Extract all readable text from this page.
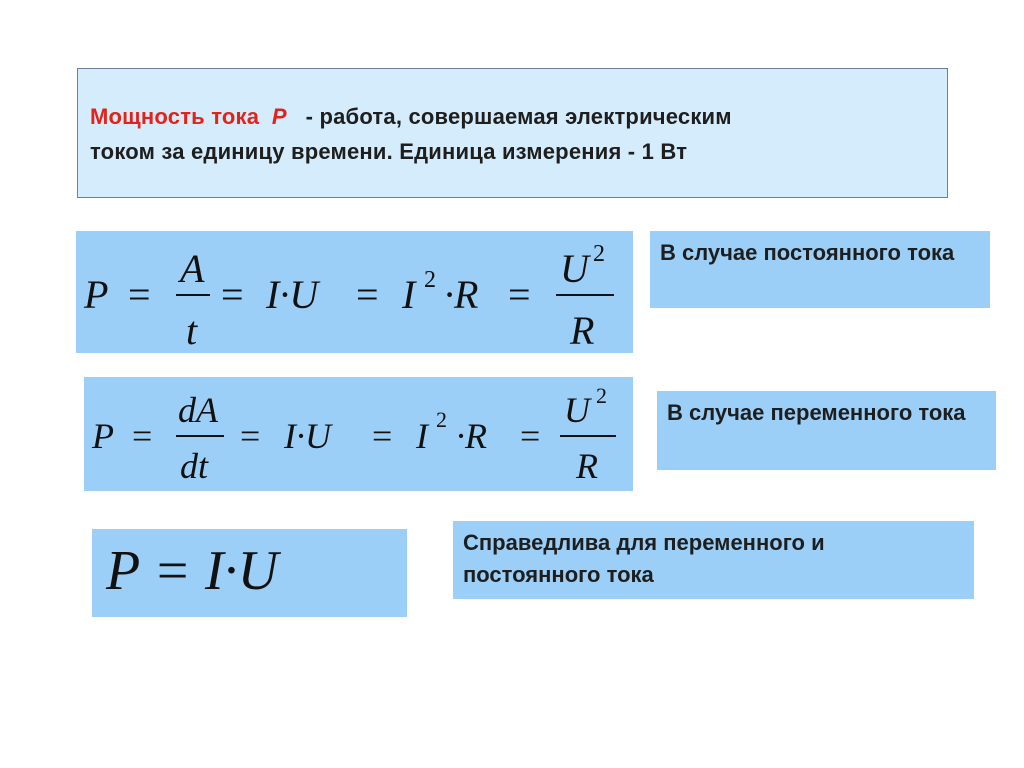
Мощность тока P - работа, совершаемая электрическим
током за единицу времени. Единица измерения - 1 Вт
P =
A
t
= I·U = I 2 ·R =
U 2
R
В случае постоянного тока
P =
dA
dt
= I·U = I 2 ·R =
U 2
R
В случае переменного тока
P = I·U	Справедлива для переменного и постоянного тока
